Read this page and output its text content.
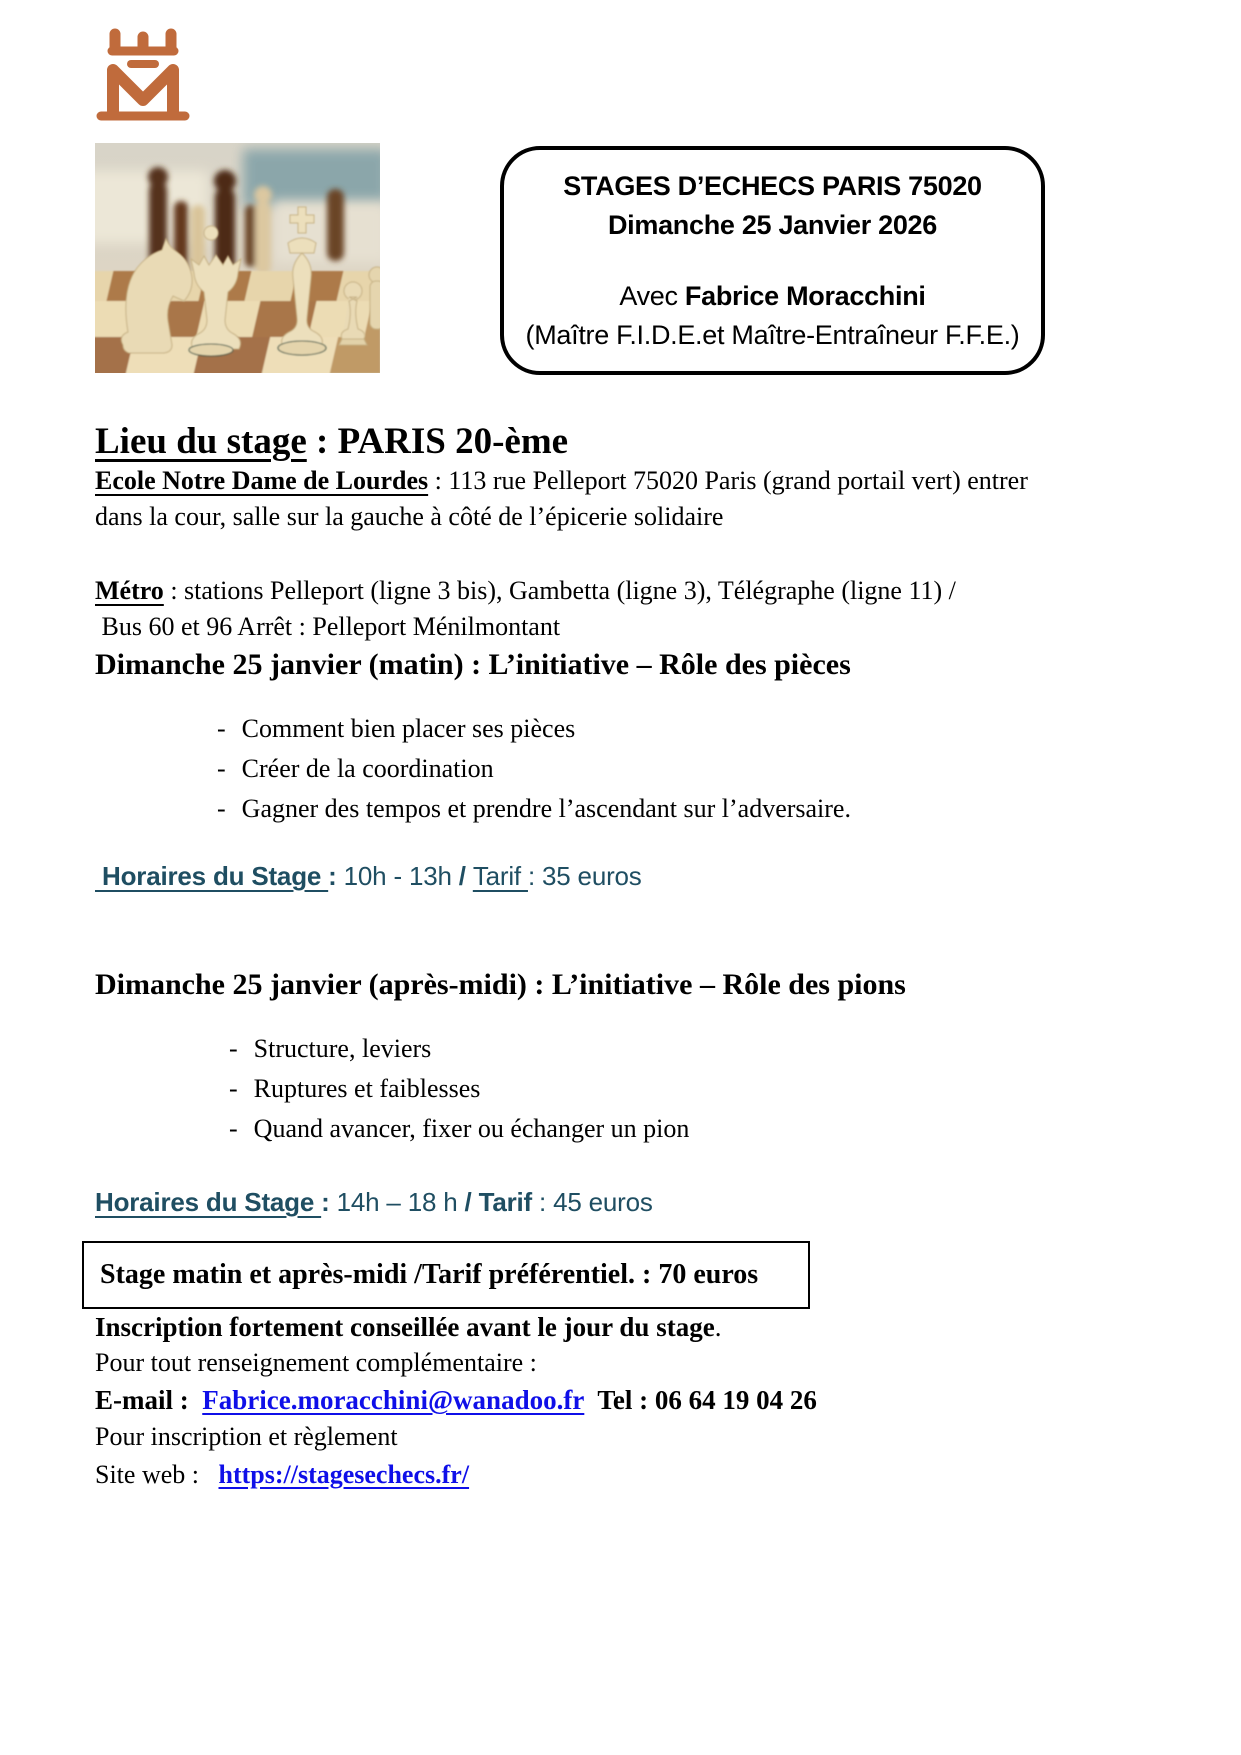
STAGES D’ECHECS PARIS 75020
Dimanche 25 Janvier 2026
Avec Fabrice Moracchini
(Maître F.I.D.E.et Maître-Entraîneur F.F.E.)
Lieu du stage : PARIS 20-ème

Ecole Notre Dame de Lourdes : 113 rue Pelleport 75020 Paris (grand portail vert) entrer
dans la cour, salle sur la gauche à côté de l’épicerie solidaire

Métro : stations Pelleport (ligne 3 bis), Gambetta (ligne 3), Télégraphe (ligne 11) /
Bus 60 et 96 Arrêt : Pelleport Ménilmontant

Dimanche 25 janvier (matin) : L’initiative – Rôle des pièces
- Comment bien placer ses pièces
- Créer de la coordination
- Gagner des tempos et prendre l’ascendant sur l’adversaire.

Horaires du Stage : 10h - 13h / Tarif : 35 euros

Dimanche 25 janvier (après-midi) : L’initiative – Rôle des pions
- Structure, leviers
- Ruptures et faiblesses
- Quand avancer, fixer ou échanger un pion

Horaires du Stage : 14h – 18 h / Tarif : 45 euros

Stage matin et après-midi /Tarif préférentiel. : 70 euros

Inscription fortement conseillée avant le jour du stage.

Pour tout renseignement complémentaire :

E-mail :  Fabrice.moracchini@wanadoo.fr  Tel : 06 64 19 04 26

Pour inscription et règlement

Site web :   https://stagesechecs.fr/
